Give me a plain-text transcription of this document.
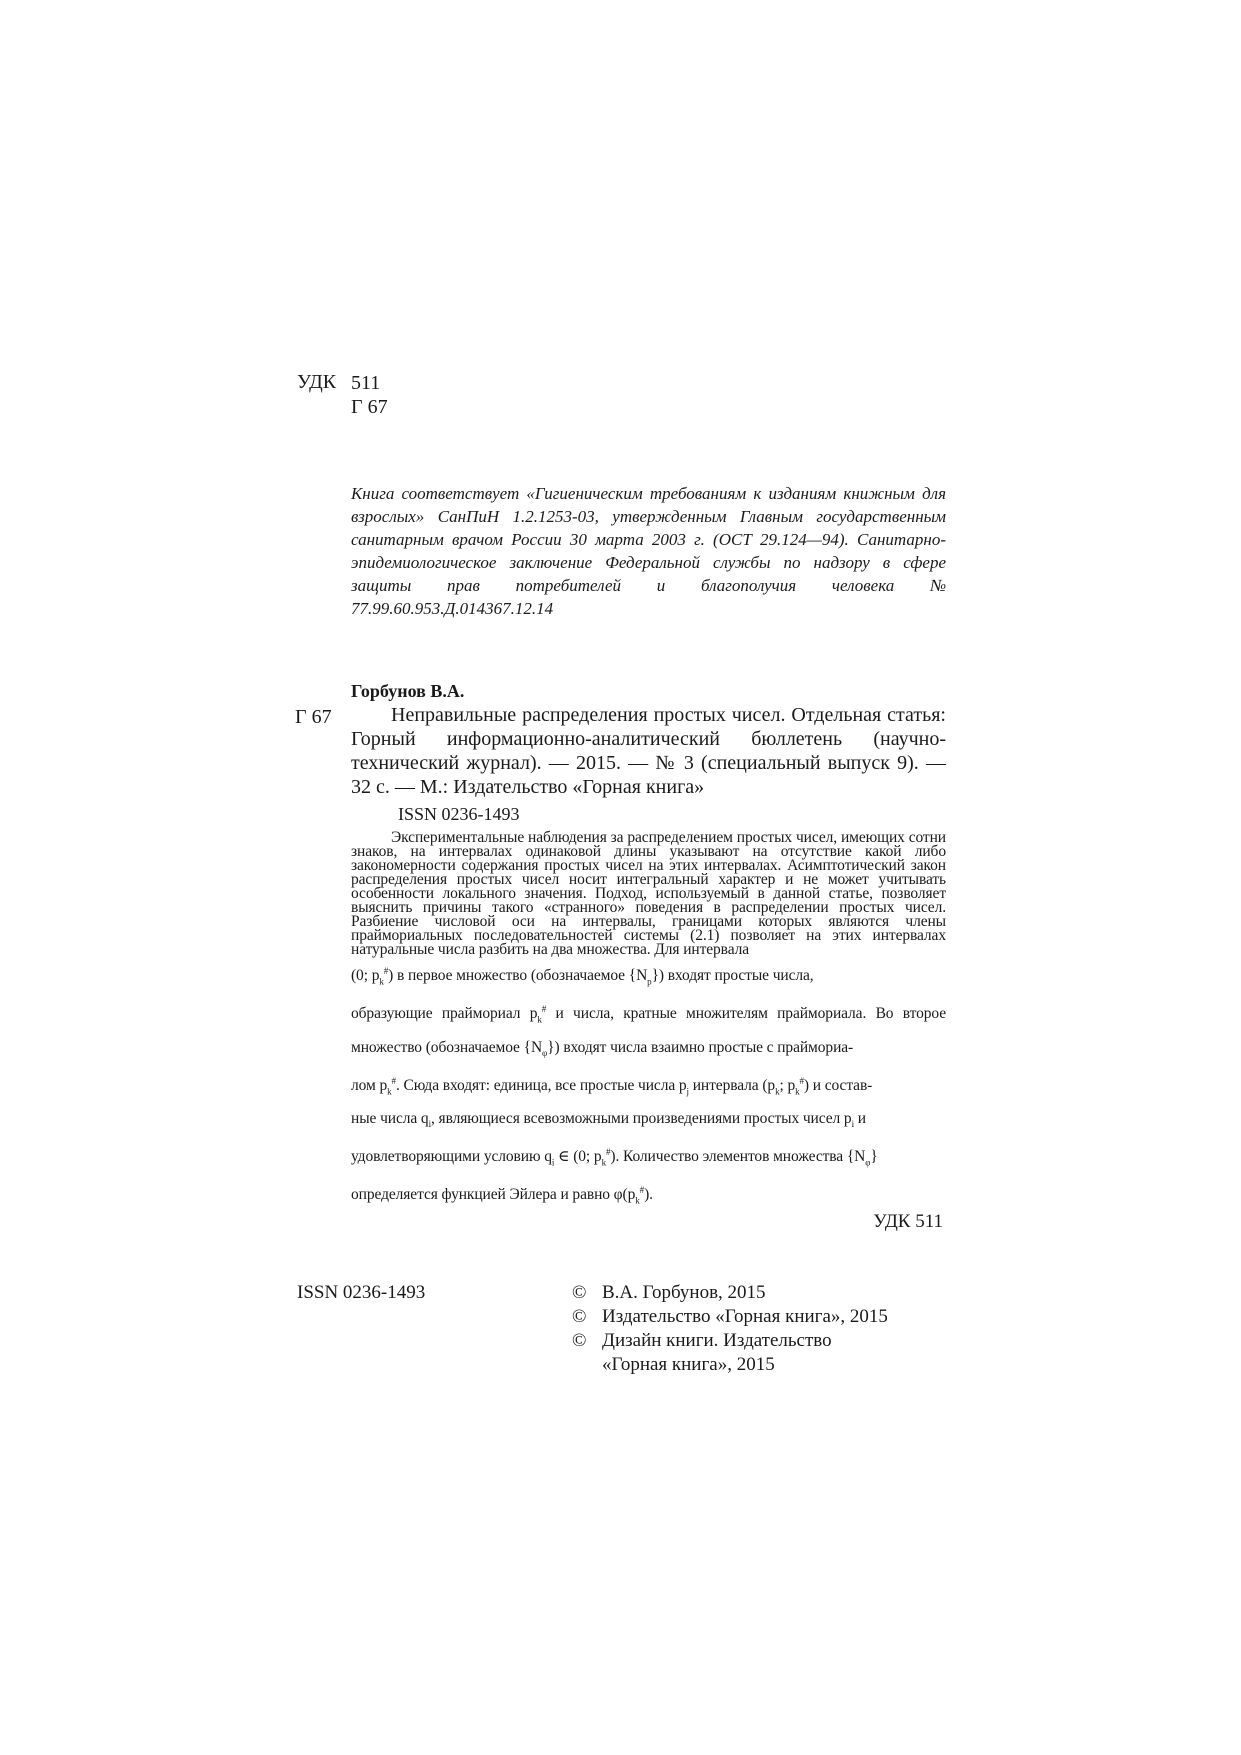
УДК 511
Г 67
Книга соответствует «Гигиеническим требованиям к изданиям книжным для взрослых» СанПиН 1.2.1253-03, утвержденным Главным государственным санитарным врачом России 30 марта 2003 г. (ОСТ 29.124—94). Санитарно-эпидемиологическое заключение Федеральной службы по надзору в сфере защиты прав потребителей и благополучия человека № 77.99.60.953.Д.014367.12.14
Горбунов В.А.
Г 67	Неправильные распределения простых чисел. Отдельная статья: Горный информационно-аналитический бюллетень (научно-технический журнал). — 2015. — № 3 (специальный выпуск 9). — 32 с. — М.: Издательство «Горная книга»
ISSN 0236-1493
Экспериментальные наблюдения за распределением простых чисел, имеющих сотни знаков, на интервалах одинаковой длины указывают на отсутствие какой либо закономерности содержания простых чисел на этих интервалах. Асимптотический закон распределения простых чисел носит интегральный характер и не может учитывать особенности локального значения. Подход, используемый в данной статье, позволяет выяснить причины такого «странного» поведения в распределении простых чисел. Разбиение числовой оси на интервалы, границами которых являются члены праймориальных последовательностей системы (2.1) позволяет на этих интервалах натуральные числа разбить на два множества. Для интервала
(0; $p_k^{\#}$) в первое множество (обозначаемое $\{N_p\}$) входят простые числа,
образующие праймориал $p_k^{\#}$ и числа, кратные множителям праймориала. Во второе множество (обозначаемое $\{N_\varphi\}$) входят числа взаимно простые с праймориа-
лом $p_k^{\#}$. Сюда входят: единица, все простые числа $p_j$ интервала ($p_k$; $p_k^{\#}$) и состав-
ные числа $q_i$, являющиеся всевозможными произведениями простых чисел $p_i$ и
удовлетворяющими условию $q_i$ ∈ (0; $p_k^{\#}$). Количество элементов множества $\{N_\varphi\}$
определяется функцией Эйлера и равно $\varphi(p_k^{\#})$.
УДК 511
ISSN 0236-1493	© В.А. Горбунов, 2015
© Издательство «Горная книга», 2015
© Дизайн книги. Издательство «Горная книга», 2015
